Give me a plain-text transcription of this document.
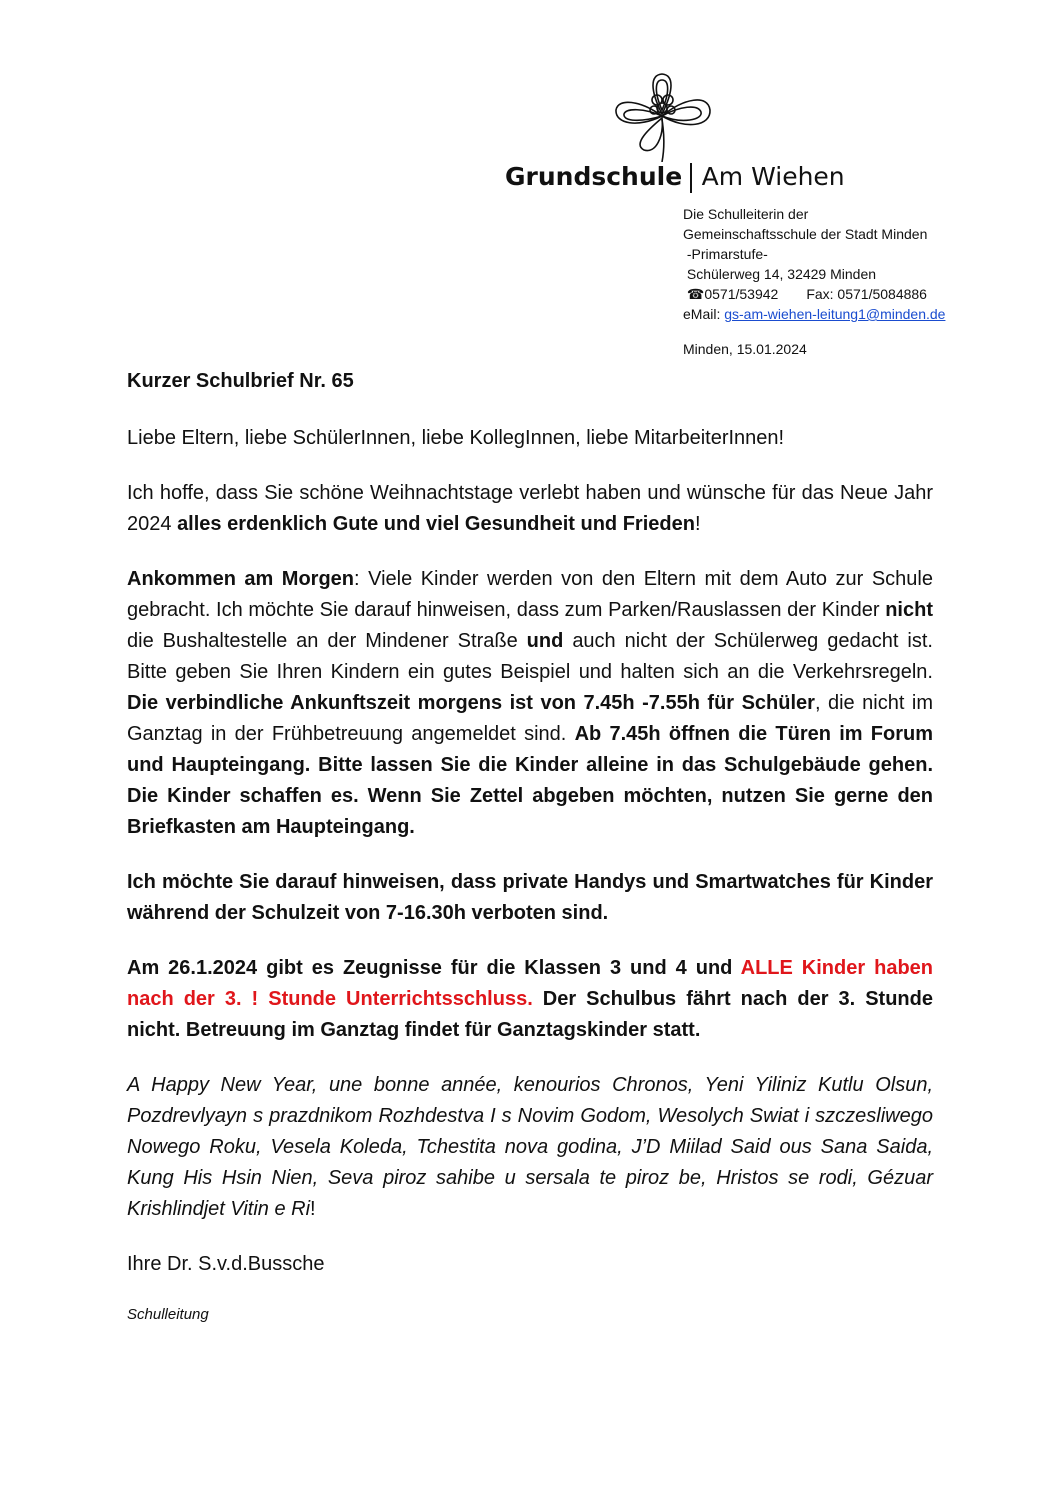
Grundschule Am Wiehen
Die Schulleiterin der
Gemeinschaftsschule der Stadt Minden
-Primarstufe-
Schülerweg 14, 32429 Minden
☎0571/53942 Fax: 0571/5084886
eMail: gs-am-wiehen-leitung1@minden.de
Minden, 15.01.2024

Kurzer Schulbrief Nr. 65

Liebe Eltern, liebe SchülerInnen, liebe KollegInnen, liebe MitarbeiterInnen!

Ich hoffe, dass Sie schöne Weihnachtstage verlebt haben und wünsche für das Neue Jahr 2024 alles erdenklich Gute und viel Gesundheit und Frieden!

Ankommen am Morgen: Viele Kinder werden von den Eltern mit dem Auto zur Schule gebracht. Ich möchte Sie darauf hinweisen, dass zum Parken/Rauslassen der Kinder nicht die Bushaltestelle an der Mindener Straße und auch nicht der Schülerweg gedacht ist. Bitte geben Sie Ihren Kindern ein gutes Beispiel und halten sich an die Verkehrsregeln. Die verbindliche Ankunftszeit morgens ist von 7.45h -7.55h für Schüler, die nicht im Ganztag in der Frühbetreuung angemeldet sind. Ab 7.45h öffnen die Türen im Forum und Haupteingang. Bitte lassen Sie die Kinder alleine in das Schulgebäude gehen. Die Kinder schaffen es. Wenn Sie Zettel abgeben möchten, nutzen Sie gerne den Briefkasten am Haupteingang.

Ich möchte Sie darauf hinweisen, dass private Handys und Smartwatches für Kinder während der Schulzeit von 7-16.30h verboten sind.

Am 26.1.2024 gibt es Zeugnisse für die Klassen 3 und 4 und ALLE Kinder haben nach der 3. ! Stunde Unterrichtsschluss. Der Schulbus fährt nach der 3. Stunde nicht. Betreuung im Ganztag findet für Ganztagskinder statt.

A Happy New Year, une bonne année, kenourios Chronos, Yeni Yiliniz Kutlu Olsun, Pozdrevlyayn s prazdnikom Rozhdestva I s Novim Godom, Wesolych Swiat i szczesliwego Nowego Roku, Vesela Koleda, Tchestita nova godina, J’D Miilad Said ous Sana Saida, Kung His Hsin Nien, Seva piroz sahibe u sersala te piroz be, Hristos se rodi, Gézuar Krishlindjet Vitin e Ri!

Ihre Dr. S.v.d.Bussche

Schulleitung
